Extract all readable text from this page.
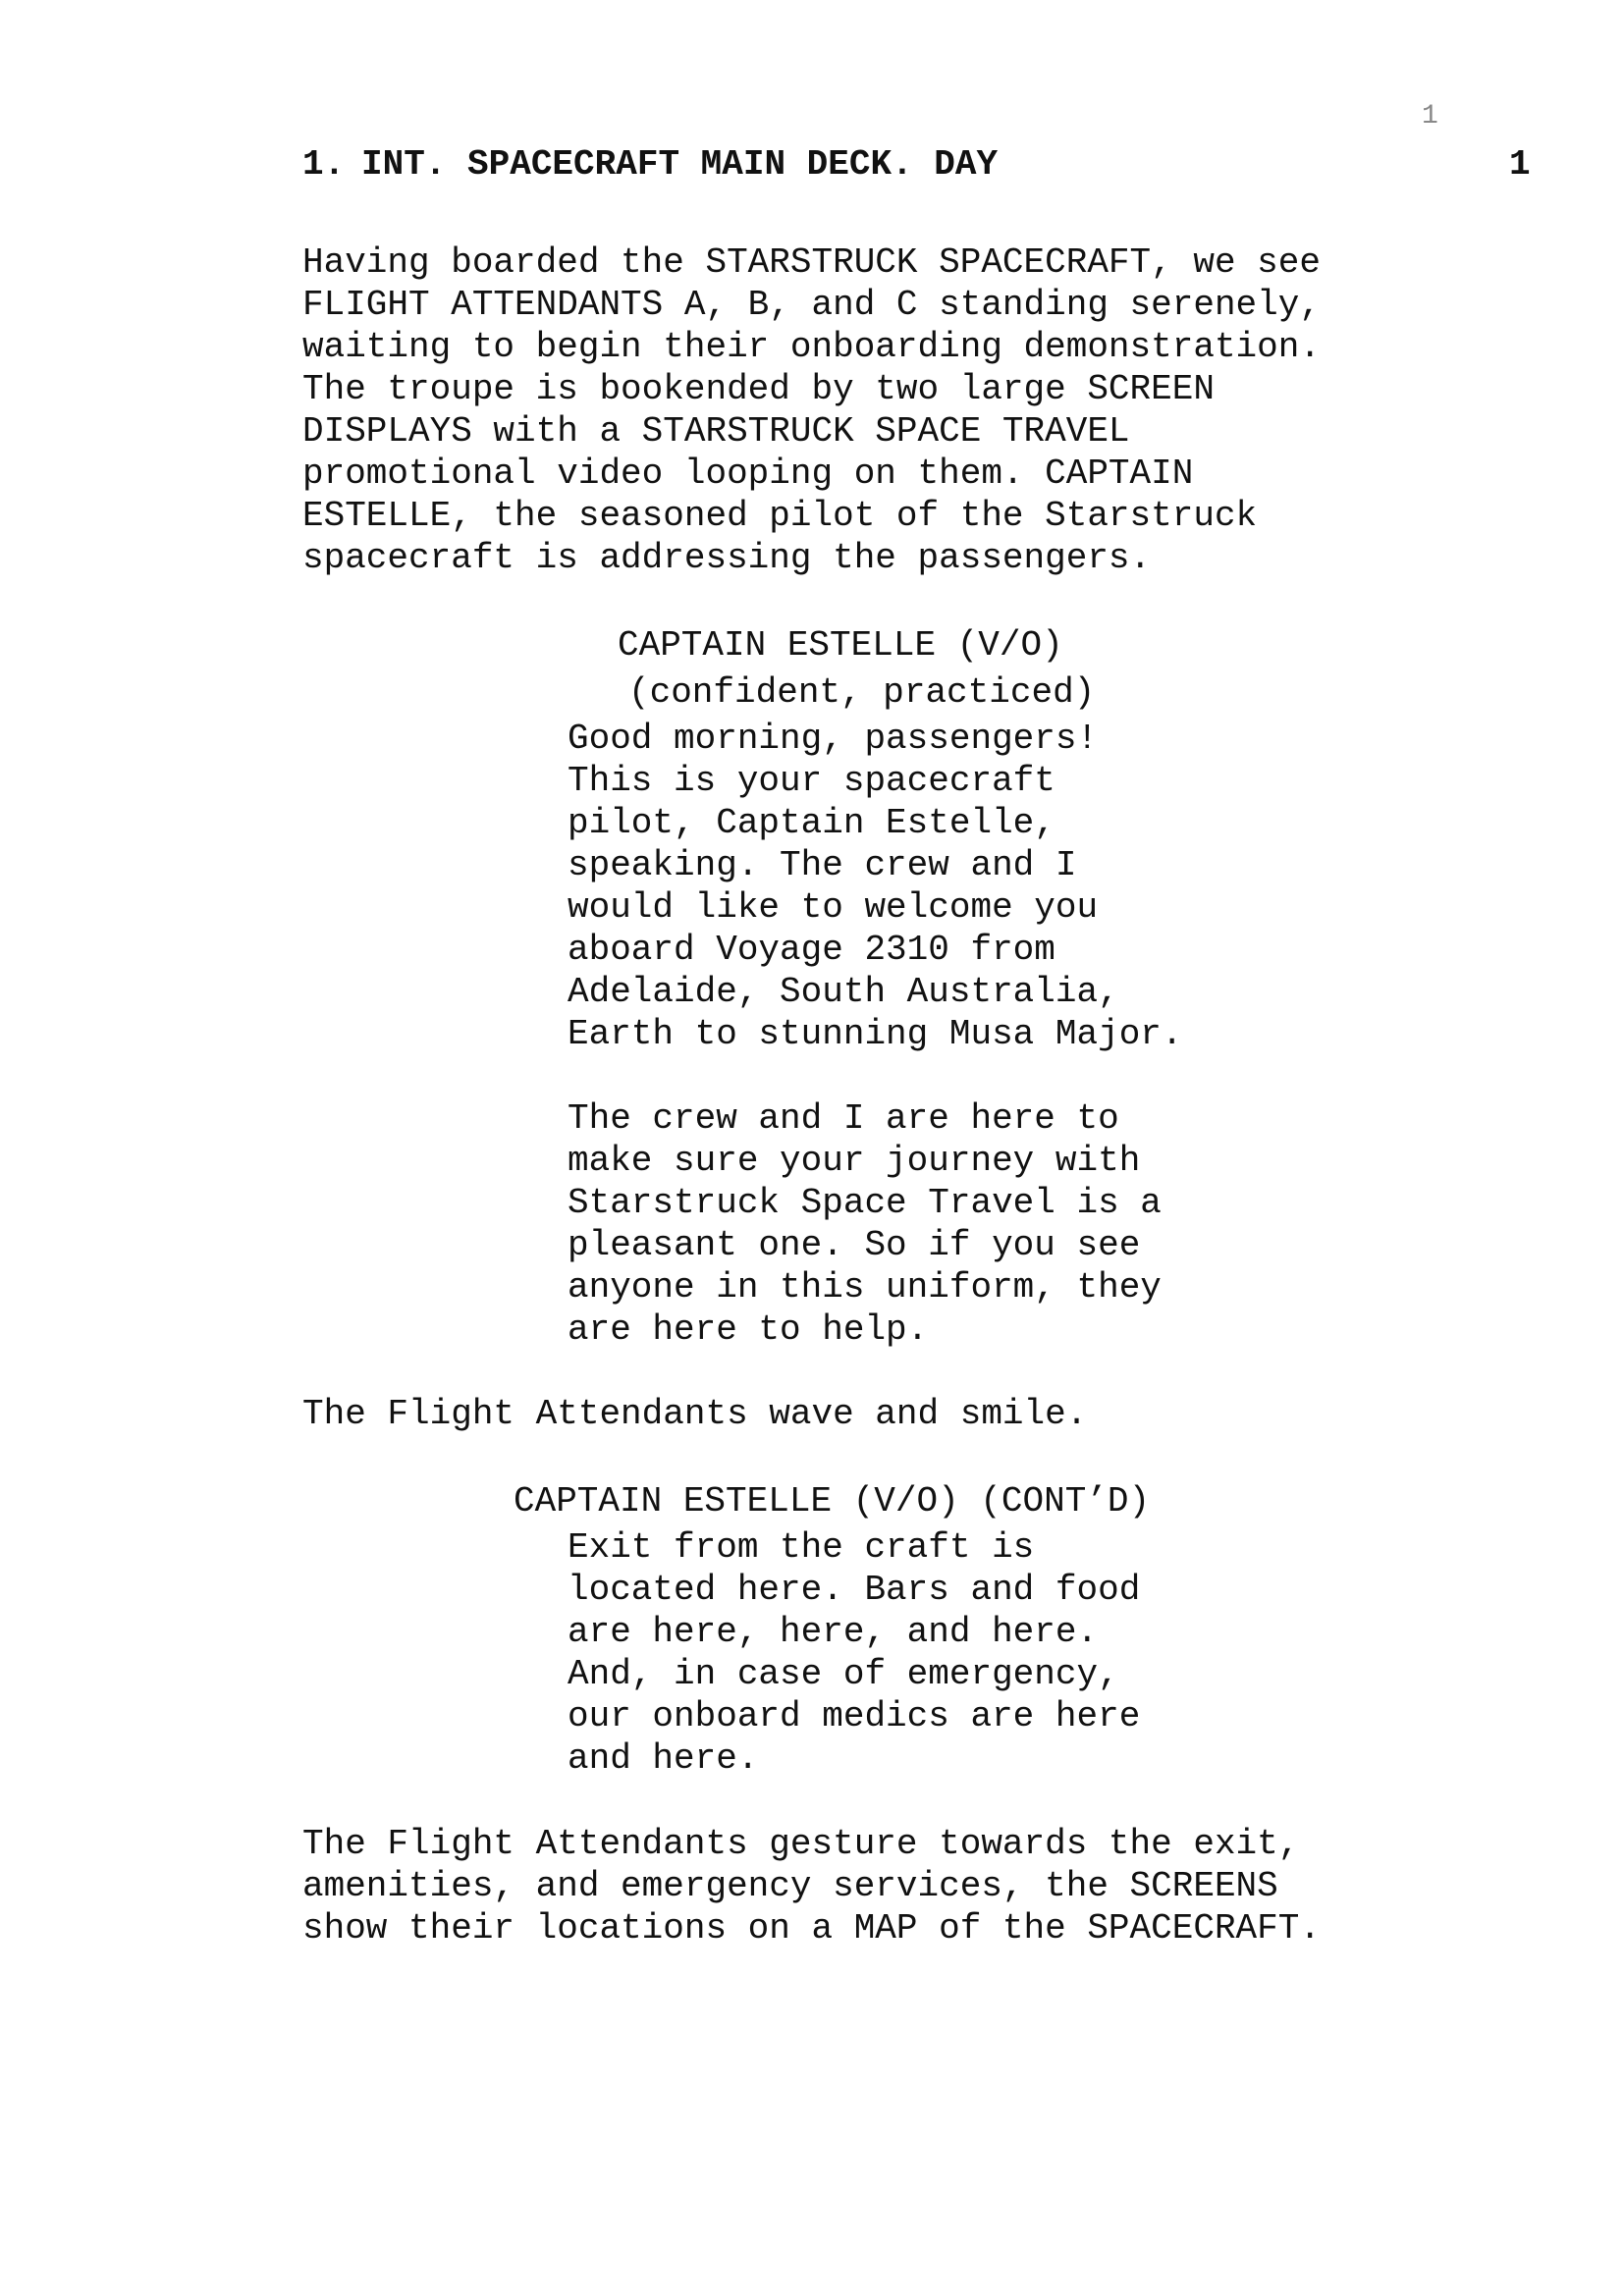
1
1. INT. SPACECRAFT MAIN DECK. DAY	1
Having boarded the STARSTRUCK SPACECRAFT, we see
FLIGHT ATTENDANTS A, B, and C standing serenely,
waiting to begin their onboarding demonstration.
The troupe is bookended by two large SCREEN
DISPLAYS with a STARSTRUCK SPACE TRAVEL
promotional video looping on them. CAPTAIN
ESTELLE, the seasoned pilot of the Starstruck
spacecraft is addressing the passengers.
CAPTAIN ESTELLE (V/O)
(confident, practiced)
Good morning, passengers!
This is your spacecraft
pilot, Captain Estelle,
speaking. The crew and I
would like to welcome you
aboard Voyage 2310 from
Adelaide, South Australia,
Earth to stunning Musa Major.
The crew and I are here to
make sure your journey with
Starstruck Space Travel is a
pleasant one. So if you see
anyone in this uniform, they
are here to help.
The Flight Attendants wave and smile.
CAPTAIN ESTELLE (V/O) (CONT’D)
Exit from the craft is
located here. Bars and food
are here, here, and here.
And, in case of emergency,
our onboard medics are here
and here.
The Flight Attendants gesture towards the exit,
amenities, and emergency services, the SCREENS
show their locations on a MAP of the SPACECRAFT.
